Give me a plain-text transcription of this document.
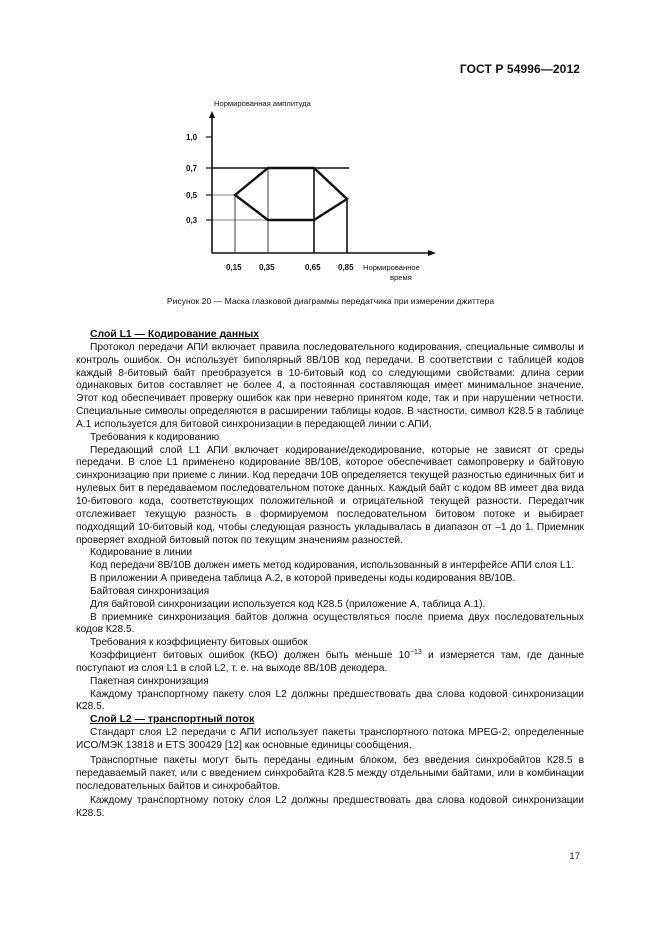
ГОСТ Р 54996—2012
Нормированная амплитуда
1,0
0,7
0,5
0,3
0,15 0,35	0,65 0,85 Нормированное
время
Рисунок 20 — Маска глазковой диаграммы передатчика при измерении джиттера
Слой L1 — Кодирование данных

Протокол передачи АПИ включает правила последовательного кодирования, специальные символы и контроль ошибок. Он использует биполярный 8В/10В код передачи. В соответствии с таблицей кодов каждый 8-битовый байт преобразуется в 10-битовый код со следующими свойствами: длина серии одинаковых битов составляет не более 4, а постоянная составляющая имеет минимальное значение. Этот код обеспечивает проверку ошибок как при неверно принятом коде, так и при нарушении четности. Специальные символы определяются в расширении таблицы кодов. В частности, символ К28.5 в таблице А.1 используется для битовой синхронизации в передающей линии с АПИ.

Требования к кодированию

Передающий слой L1 АПИ включает кодирование/декодирование, которые не зависят от среды передачи. В слое L1 применено кодирование 8В/10В, которое обеспечивает самопроверку и байтовую синхронизацию при приеме с линии. Код передачи 10В определяется текущей разностью единичных бит и нулевых бит в передаваемом последовательном потоке данных. Каждый байт с кодом 8В имеет два вида 10-битового кода, соответствующих положительной и отрицательной текущей разности. Передатчик отслеживает текущую разность в формируемом последовательном битовом потоке и выбирает подходящий 10-битовый код, чтобы следующая разность укладывалась в диапазон от –1 до 1. Приемник проверяет входной битовый поток по текущим значениям разностей.

Кодирование в линии

Код передачи 8В/10В должен иметь метод кодирования, использованный в интерфейсе АПИ слоя L1.

В приложении А приведена таблица А.2, в которой приведены коды кодирования 8В/10В.

Байтовая синхронизация

Для байтовой синхронизации используется код К28.5 (приложение А, таблица А.1).

В приемнике синхронизация байтов должна осуществляться после приема двух последовательных кодов К28.5.

Требования к коэффициенту битовых ошибок

Коэффициент битовых ошибок (КБО) должен быть меньше $10^{-13}$ и измеряется там, где данные поступают из слоя L1 в слой L2, т. е. на выходе 8В/10В декодера.

Пакетная синхронизация

Каждому транспортному пакету слоя L2 должны предшествовать два слова кодовой синхронизации К28.5.

Слой L2 — транспортный поток

Стандарт слоя L2 передачи с АПИ использует пакеты транспортного потока MPEG-2, определенные ИСО/МЭК 13818 и ETS 300429 [12] как основные единицы сообщения.

Транспортные пакеты могут быть переданы единым блоком, без введения синхробайтов К28.5 в передаваемый пакет, или с введением синхробайта К28.5 между отдельными байтами, или в комбинации последовательных байтов и синхробайтов.

Каждому транспортному потоку слоя L2 должны предшествовать два слова кодовой синхронизации К28.5.

17
